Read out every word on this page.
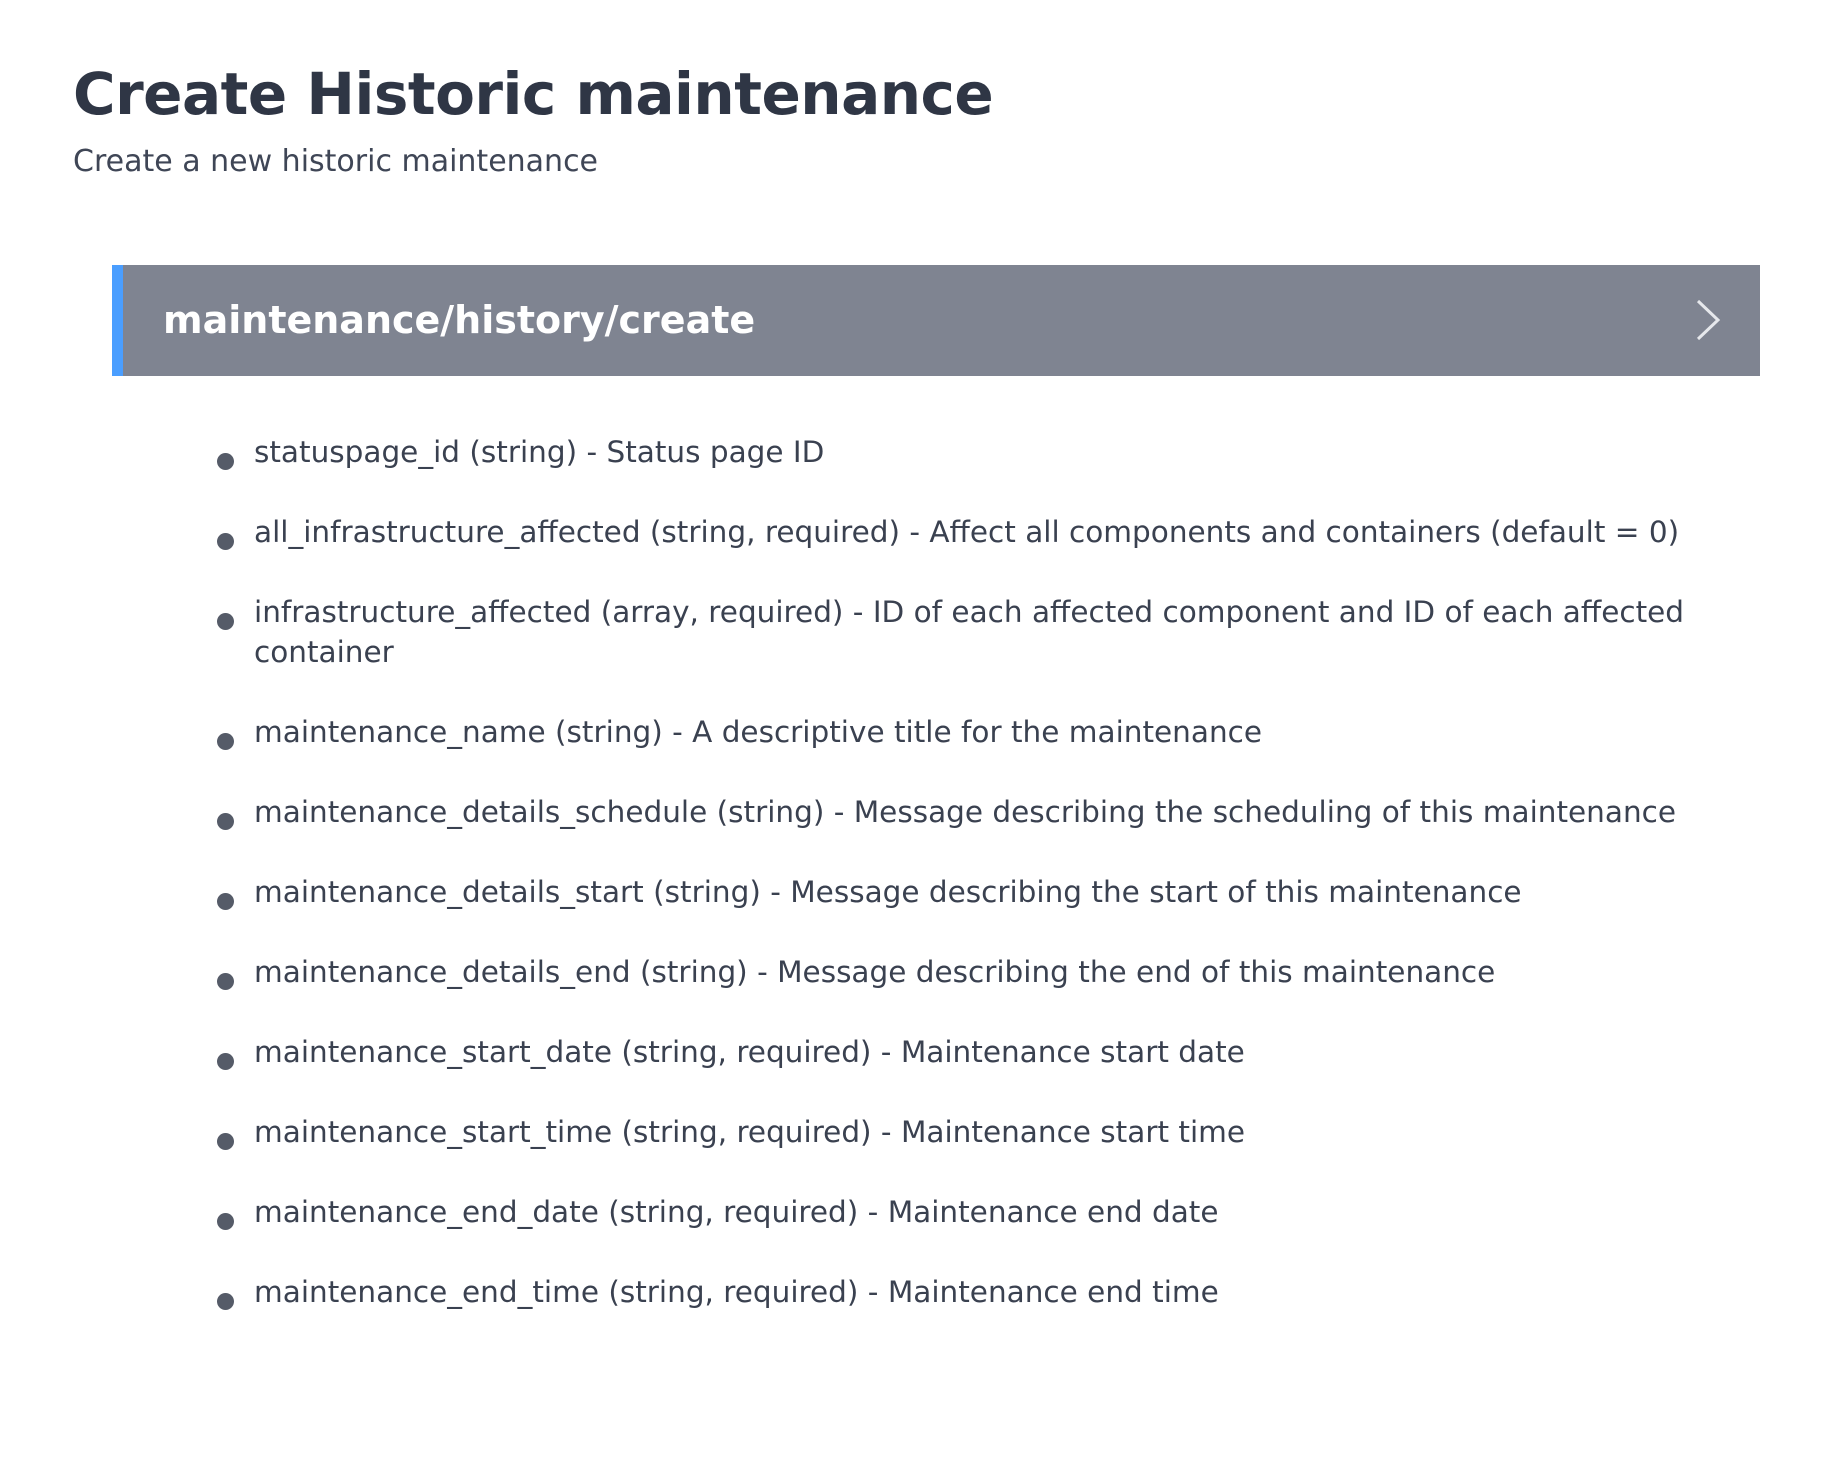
Create Historic maintenance

Create a new historic maintenance

maintenance/history/create
statuspage_id (string) - Status page ID
all_infrastructure_affected (string, required) - Affect all components and containers (default = 0)
infrastructure_affected (array, required) - ID of each affected component and ID of each affected container
maintenance_name (string) - A descriptive title for the maintenance
maintenance_details_schedule (string) - Message describing the scheduling of this maintenance
maintenance_details_start (string) - Message describing the start of this maintenance
maintenance_details_end (string) - Message describing the end of this maintenance
maintenance_start_date (string, required) - Maintenance start date
maintenance_start_time (string, required) - Maintenance start time
maintenance_end_date (string, required) - Maintenance end date
maintenance_end_time (string, required) - Maintenance end time
